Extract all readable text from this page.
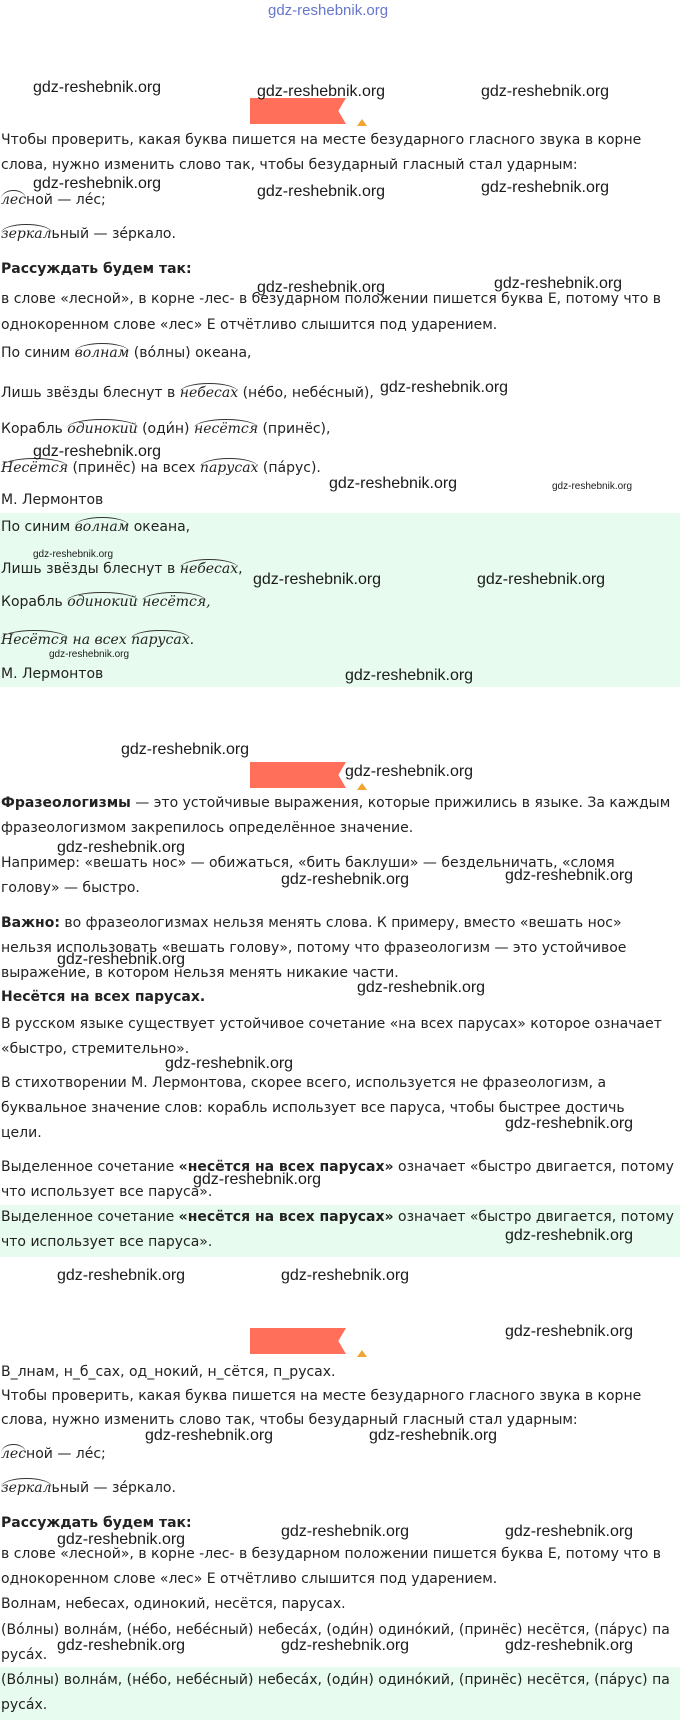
gdz-reshebnik.org
Чтобы проверить, какая буква пишется на месте безударного гласного звука в корне
слова, нужно изменить слово так, чтобы безударный гласный стал ударным:
лесной — ле́с;
зеркальный — зе́ркало.
Рассуждать будем так:
в слове «лесной», в корне -лес- в безударном положении пишется буква Е, потому что в
однокоренном слове «лес» Е отчётливо слышится под ударением.
По синим волнам (во́лны) океана,
Лишь звёзды блеснут в небесах (не́бо, небе́сный),
Корабль одинокий (оди́н) несётся (принёс),
Несётся (принёс) на всех парусах (па́рус).
М. Лермонтов
По синим волнам океана,
Лишь звёзды блеснут в небесах,
Корабль одинокий несётся,
Несётся на всех парусах.
М. Лермонтов
Фразеологизмы — это устойчивые выражения, которые прижились в языке. За каждым
фразеологизмом закрепилось определённое значение.
Например: «вешать нос» — обижаться, «бить баклуши» — бездельничать, «сломя
голову» — быстро.
Важно: во фразеологизмах нельзя менять слова. К примеру, вместо «вешать нос»
нельзя использовать «вешать голову», потому что фразеологизм — это устойчивое
выражение, в котором нельзя менять никакие части.
Несётся на всех парусах.
В русском языке существует устойчивое сочетание «на всех парусах» которое означает
«быстро, стремительно».
В стихотворении М. Лермонтова, скорее всего, используется не фразеологизм, а
буквальное значение слов: корабль использует все паруса, чтобы быстрее достичь
цели.
Выделенное сочетание «несётся на всех парусах» означает «быстро двигается, потому
что использует все паруса».
Выделенное сочетание «несётся на всех парусах» означает «быстро двигается, потому
что использует все паруса».
В_лнам, н_б_сах, од_нокий, н_сётся, п_русах.
Чтобы проверить, какая буква пишется на месте безударного гласного звука в корне
слова, нужно изменить слово так, чтобы безударный гласный стал ударным:
лесной — ле́с;
зеркальный — зе́ркало.
Рассуждать будем так:
в слове «лесной», в корне -лес- в безударном положении пишется буква Е, потому что в
однокоренном слове «лес» Е отчётливо слышится под ударением.
Волнам, небесах, одинокий, несётся, парусах.
(Во́лны) волна́м, (не́бо, небе́сный) небеса́х, (оди́н) одино́кий, (принёс) несётся, (па́рус) па
руса́х.
(Во́лны) волна́м, (не́бо, небе́сный) небеса́х, (оди́н) одино́кий, (принёс) несётся, (па́рус) па
руса́х.
gdz-reshebnik.org	gdz-reshebnik.org	gdz-reshebnik.org
gdz-reshebnik.org	gdz-reshebnik.org	gdz-reshebnik.org
gdz-reshebnik.org	gdz-reshebnik.org
gdz-reshebnik.org
gdz-reshebnik.org
gdz-reshebnik.org	gdz-reshebnik.org
gdz-reshebnik.org
gdz-reshebnik.org	gdz-reshebnik.org
gdz-reshebnik.org
gdz-reshebnik.org
gdz-reshebnik.org
gdz-reshebnik.org
gdz-reshebnik.org
gdz-reshebnik.org	gdz-reshebnik.org
gdz-reshebnik.org
gdz-reshebnik.org
gdz-reshebnik.org
gdz-reshebnik.org
gdz-reshebnik.org
gdz-reshebnik.org
gdz-reshebnik.org	gdz-reshebnik.org
gdz-reshebnik.org
gdz-reshebnik.org	gdz-reshebnik.org
gdz-reshebnik.org	gdz-reshebnik.org	gdz-reshebnik.org
gdz-reshebnik.org	gdz-reshebnik.org	gdz-reshebnik.org
